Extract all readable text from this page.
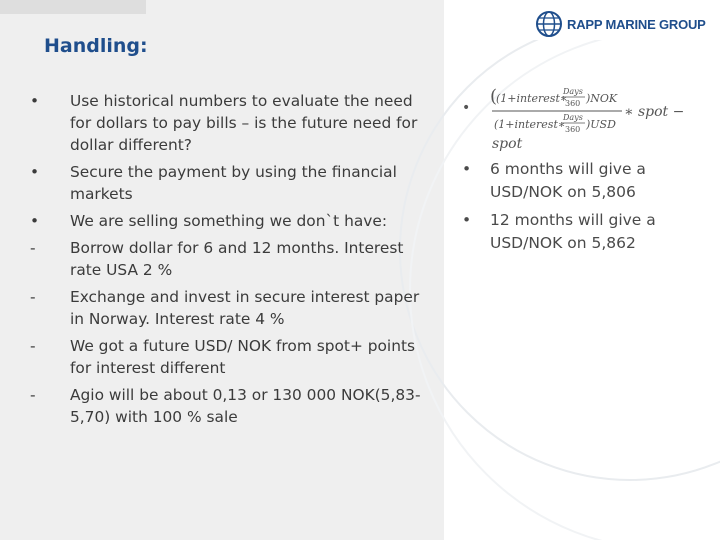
Handling:
•	Use historical numbers to evaluate the need for dollars to pay bills – is the future need for dollar different?
•	Secure the payment by using the financial markets
•	We are selling something we don`t have:
-	Borrow dollar for 6 and 12 months. Interest rate USA 2 %
-	Exchange and invest in secure interest paper in Norway. Interest rate 4 %
-	We got a future USD/ NOK from spot+ points for interest different
-	Agio will be about 0,13 or 130 000 NOK(5,83-5,70) with 100 % sale
RAPP MARINE GROUP
•
(
(1+interest∗
Days
360 )NOK
(1+interest∗
Days
360 )USD
∗ spot −
spot
• 6 months will give a USD/NOK on 5,806
• 12 months will give a USD/NOK on 5,862
